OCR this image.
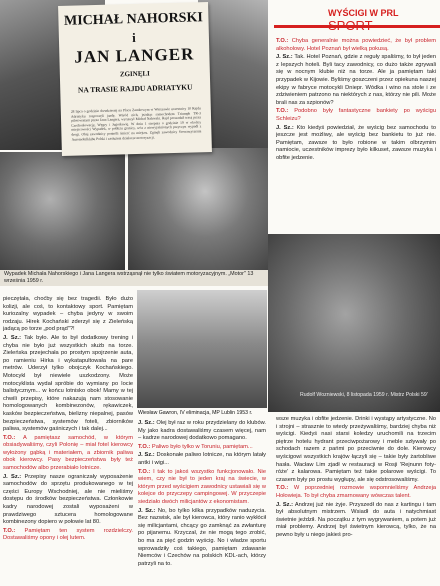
MICHAŁ NAHORSKI
i
JAN LANGER
ZGINĘLI
NA TRASIE RAJDU ADRIATYKU
28 lipca o godzinie dwudziestej na Placu Zamkowym w Warszawie uczestnicy 10 Rajdu Adriatyku rozpoczęli jazdę. Wśród nich, jeżdżąc samochodem Triumph TR-3 pilotowanym przez Jana Langera, wyruszył Michał Nahorski. Rajd prowadził trasą przez Czechosłowację, Węgry i Jugosławię. W dniu 1 sierpnia o godzinie 19 w okolicy miejscowości Wypadek, w pobliżu granicy, wóz z niewyjaśnionych przyczyn wypadł z drogi. Obaj zawodnicy ponieśli śmierć na miejscu. Zginęli zawodnicy Stowarzyszenia Automobilklubu Polski i zasłużeni działacze motoryzacji.
Wypadek Michała Nahorskiego i Jana Langera wstrząsnął nie tylko światem motoryzacyjnym. „Motor" 13 września 1959 r.
WYŚCIGI W PRL

T.O.: Chyba generalnie można powiedzieć, że był problem alkoholowy. Hotel Poznań był wielką pokusą.

J. Sz.: Tak. Hotel Poznań, gdzie z reguły spaliśmy, to był jeden z lepszych hoteli. Byli tacy zawodnicy, co dużo także zgrywali się w nocnym klubie niż na torze. Ale ja pamiętam taki przypadek w Kijowie. Byliśmy goszczeni przez opiekuna naszej ekipy w fabryce motocykli Dniepr. Wódka i wino na stole i ze zdziwieniem patrzono na niektórych z nas, którzy nie pili. Może brali nas za szpionów?

T.O.: Podobno były fantastyczne bankiety po wyścigu Schleizu?

J. Sz.: Kto kiedyś powiedział, że wyścig bez samochodu to jeszcze jest możliwy, ale wyścig bez bankietu to już nie. Pamiętam, zawsze to było robione w takim olbrzymim namiocie, uczestników imprezy było kilkuset, zawsze muzyka i obfite jedzenie.

Rudolf Wozniewski, 8 listopada 1959 r. Mistrz Polski 59'

pieczętała, choćby się bez tragedii. Było dużo kolizji, ale coś, to kontaktowy sport. Pamiętam kuriozalny wypadek – chyba jedyny w swoim rodzaju. Hirek Kochański zderzył się z Zieleńską jadącą po torze „pod prąd"?!

J. Sz.: Tak było. Ale to był dodatkowy trening i chyba nie było już wszystkich służb na torze. Zieleńska przejechała po prostym spojrzenie auta, po ramieniu Hirka i wykatapultowała na pare metrów. Uderzył tylko obojczyk Kochańskiego. Motocykl był niewiele uszkodzony. Może motocyklista wydał spróbie do wymiany po locie balistycznym... w końcu lotnisko obok! Mamy w tej chwili przepisy, które nakazują nam stosowanie homologowanych kombinezonów, rękawiczek, kasków bezpieczeństwa, bielizny niepalnej, pasów bezpieczeństwa, systemów foteli, zbiorników paliwa, systemów gaśniczych i tak dalej...

T.O.: A pamiętasz samochód, w którym obsiadywaliśmy, czyli Polonię – miał fotel kierowcy wyłożony gąbką i materiałem, a zbiornik paliwa obok kierowcy. Pasy bezpieczeństwa były też samochodów albo przerabiało lotnicze.

J. Sz.: Przepisy nasze ograniczały wyposażenie samochodów do sprzętu produkowanego w tej części Europy Wschodniej, ale nie mieliśmy dostępu do środków bezpieczeństwa. Członkowie kadry narodowej zostali wyposażeni w prawdziwego sztucera homologowane kombinezony dopiero w połowie lat 80.

T.O.: Pamiętam ten system rozdzielczy. Dostawaliśmy opony i olej lutem.

Wiesław Gawron, IV eliminacja, MP Lublin 1953 r.

J. Sz.: Olej był raz w roku przydzielany do klubów. My jako kadra dostawaliśmy czasem więcej, nam – kadrze narodowej dodatkowo pomagano.

T.O.: Paliwo było tylko w Toruniu, pamiętam...

J. Sz.: Doskonałe paliwo lotnicze, na którym latały antki i wigi...

T.O.: I tak to jakoś wszystko funkcjonowało. Nie wiem, czy nie był to jeden kraj na świecie, w którym przed wyścigiem zawodnicy ustawiali się w kolejce do przyczepy campingowej. W przyczepie siedziało dwóch milicjantów z ekonomistam.

J. Sz.: No, bo tylko kilka przypadków naduzycia. Bez nazwisk, ale był kierowca, który ranio wykłócił się milicjantami, chcący go zamknąć za zwłanturę po pijanemu. Krzyczał, że nie mogą tego zrobić, bo ma za pięć godzin wyścig. No i władze sportu wprowadziły coś takiego, pamiętam zdawanie Niemców i Czechów na polskich KDL-ach, którzy patrzyli na to.

wsze muzyka i obfite jedzenie. Drinki i wystąpy artystyczne. No i strojni – strasznie to wtedy przeżywaliśmy, bardziej chyba niż wyścigi. Kiedyś nasi starsi koledzy uruchomili na trzecim piętrze hotelu hydrant przeciwpożarowy i meble szływały po schodach razem z pańmi po przeciwnie do dole. Kierowcy wyścigowi wszystkich krajów łączyli się – takie były żartobliwe hasła. Wacław Lim zjadł w restauracji w Rosji 'Rejnunn foty-róże' z kalarowa. Pamiętam też takie polarowe wyścigi. To czasem były po prostu wygłupy, ale się odstrosowaliśmy.

T.O.: W poprzedniej rozmowie wspomnieliśmy Andrzeja Hołowieja. To był chyba zmarnowany wówczas talent.

J. Sz.: Andrzej już nie żyje. Przyszedł do nas z kartingu i tam był absolutnym mistrzem. Wsiadł do auta i natychmiast świetnie jeździł. Na początku z tym wygrywaniem, a potem już miał problemy. Andrzej był świetnym kierowcą, tylko, że na pewno były u niego jakieś pro-
